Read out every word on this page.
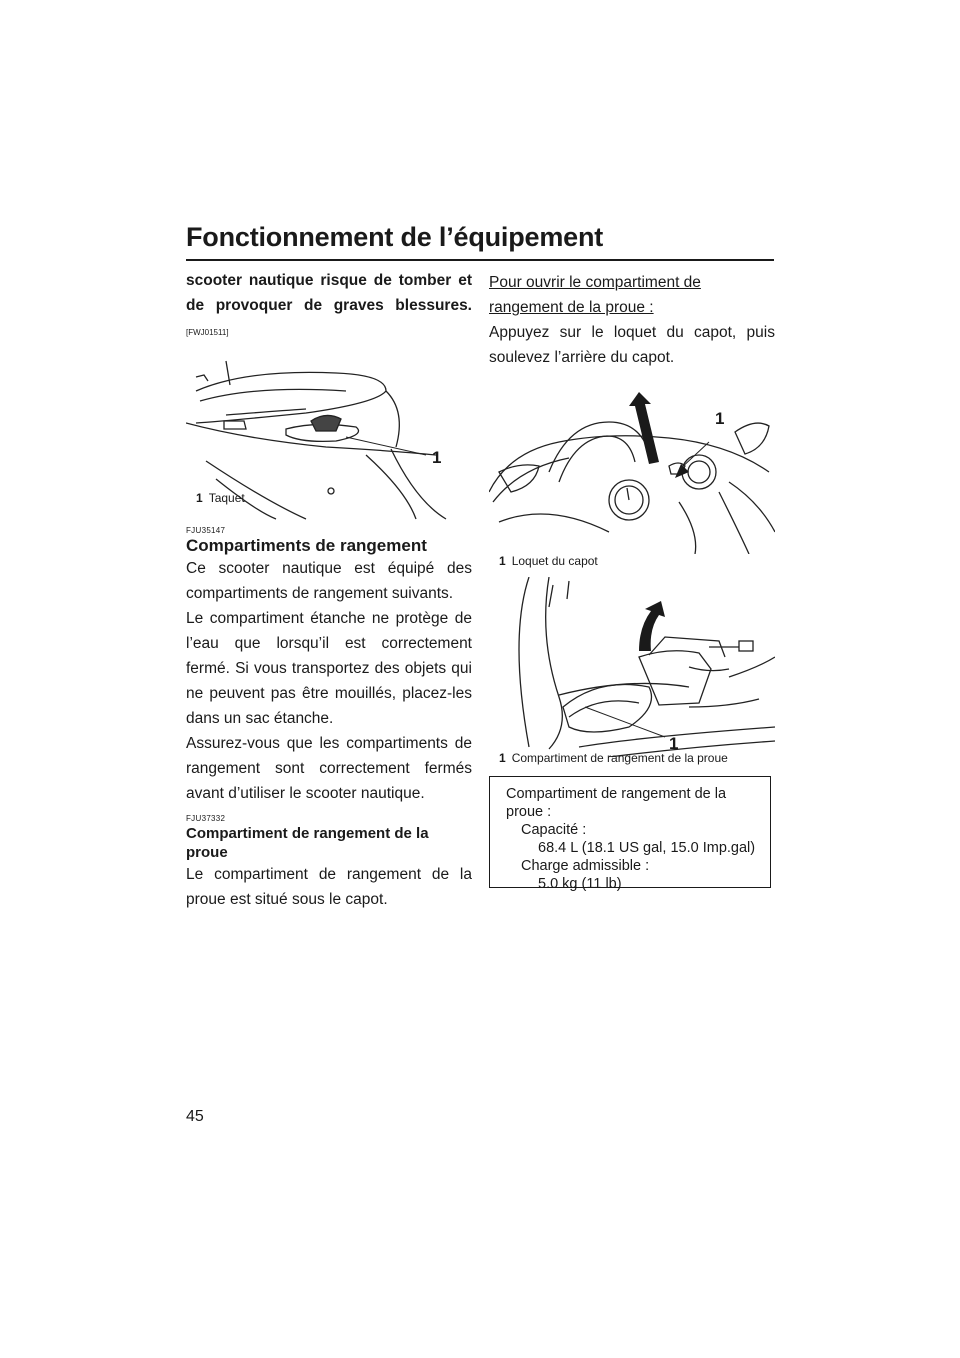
Fonctionnement de l’équipement

scooter nautique risque de tomber et de provoquer de graves blessures. [FWJ01511]

1
1 Taquet
FJU35147
Compartiments de rangement

Ce scooter nautique est équipé des compartiments de rangement suivants.

Le compartiment étanche ne protège de l’eau que lorsqu’il est correctement fermé. Si vous transportez des objets qui ne peuvent pas être mouillés, placez-les dans un sac étanche.

Assurez-vous que les compartiments de rangement sont correctement fermés avant d’utiliser le scooter nautique.

FJU37332
Compartiment de rangement de la proue

Le compartiment de rangement de la proue est situé sous le capot.

Pour ouvrir le compartiment de rangement de la proue :

Appuyez sur le loquet du capot, puis soulevez l’arrière du capot.

1
1 Loquet du capot
1
1 Compartiment de rangement de la proue
Compartiment de rangement de la
proue :
Capacité :
68.4 L (18.1 US gal, 15.0 Imp.gal)
Charge admissible :
5.0 kg (11 lb)
45
